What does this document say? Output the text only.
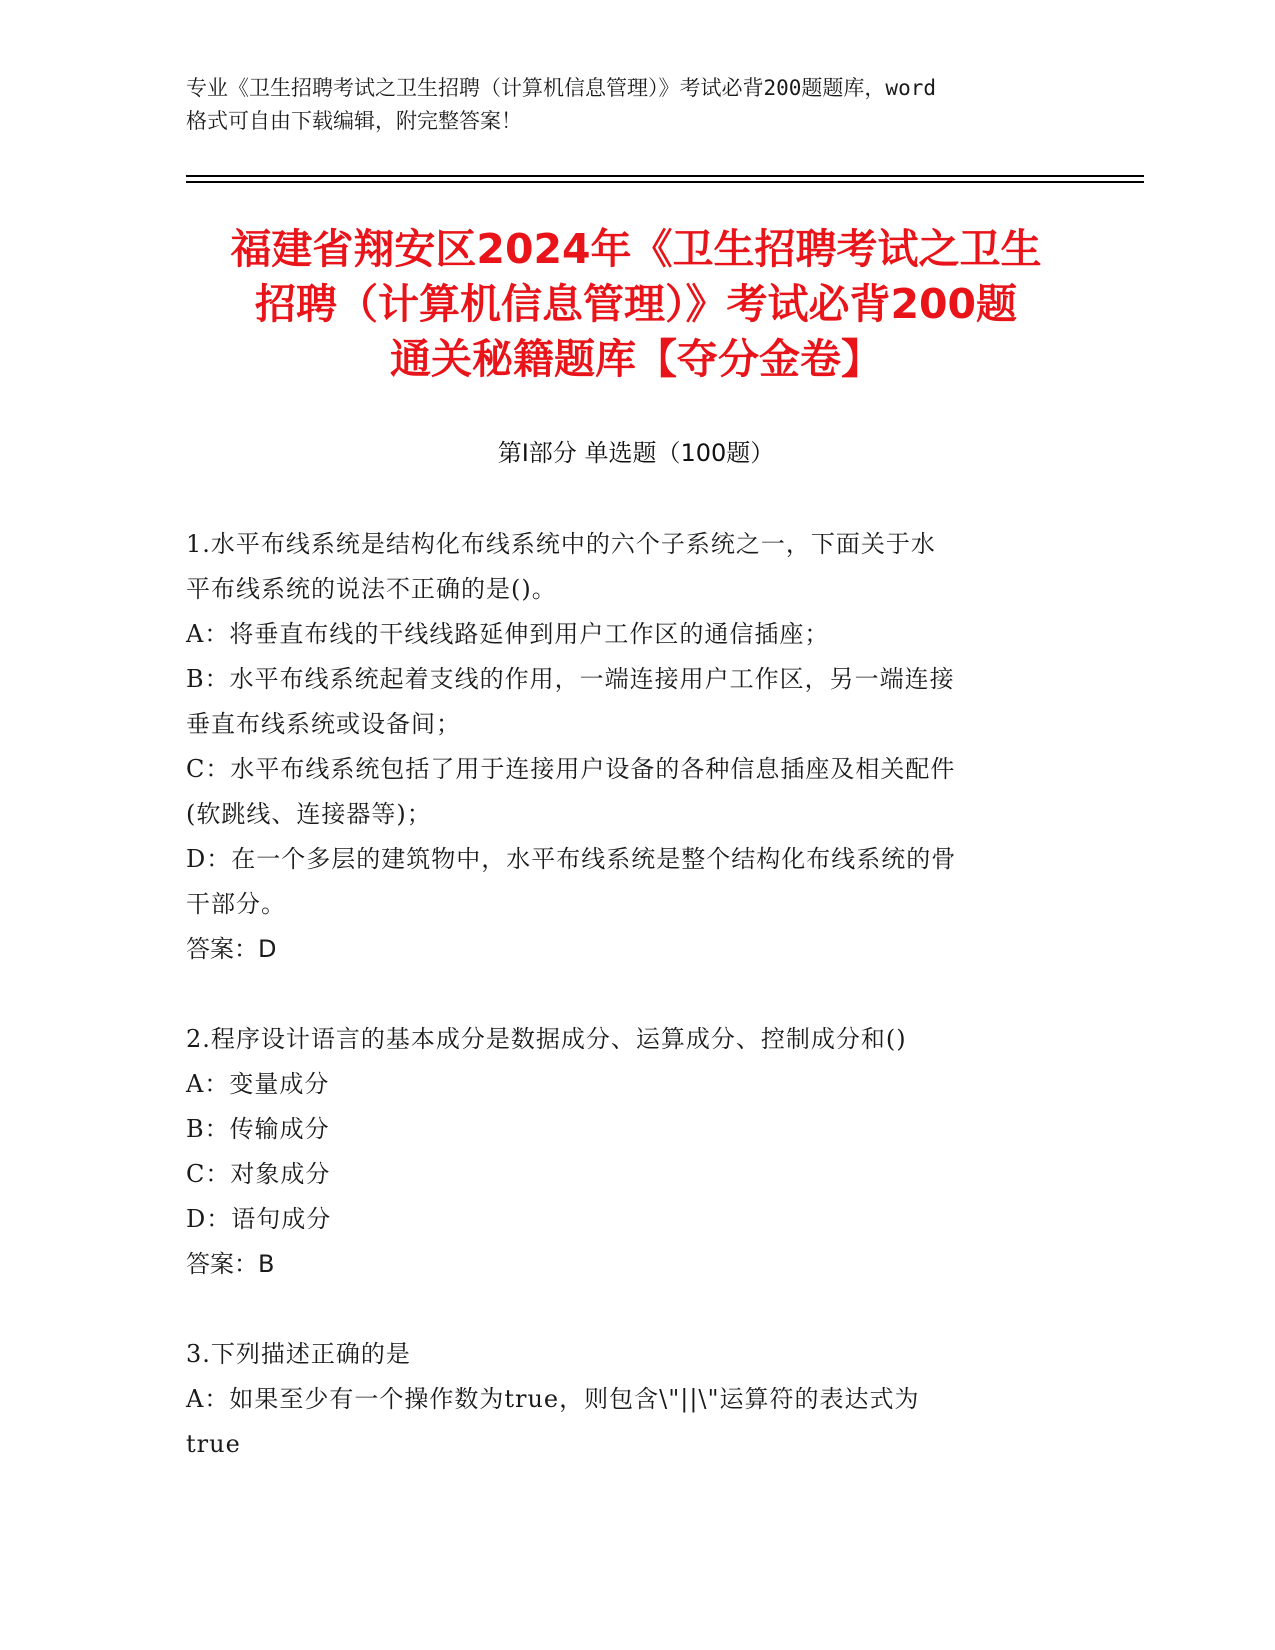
专业《卫生招聘考试之卫生招聘（计算机信息管理）》考试必背200题题库，word
格式可自由下载编辑，附完整答案！
福建省翔安区2024年《卫生招聘考试之卫生
招聘（计算机信息管理）》考试必背200题
通关秘籍题库【夺分金卷】
第Ⅰ部分 单选题（100题）
1.水平布线系统是结构化布线系统中的六个子系统之一，下面关于水
平布线系统的说法不正确的是()。
A：将垂直布线的干线线路延伸到用户工作区的通信插座；
B：水平布线系统起着支线的作用，一端连接用户工作区，另一端连接
垂直布线系统或设备间；
C：水平布线系统包括了用于连接用户设备的各种信息插座及相关配件
(软跳线、连接器等)；
D：在一个多层的建筑物中，水平布线系统是整个结构化布线系统的骨
干部分。
答案：D
2.程序设计语言的基本成分是数据成分、运算成分、控制成分和()
A：变量成分
B：传输成分
C：对象成分
D：语句成分
答案：B
3.下列描述正确的是
A：如果至少有一个操作数为true，则包含\"||\"运算符的表达式为
true
